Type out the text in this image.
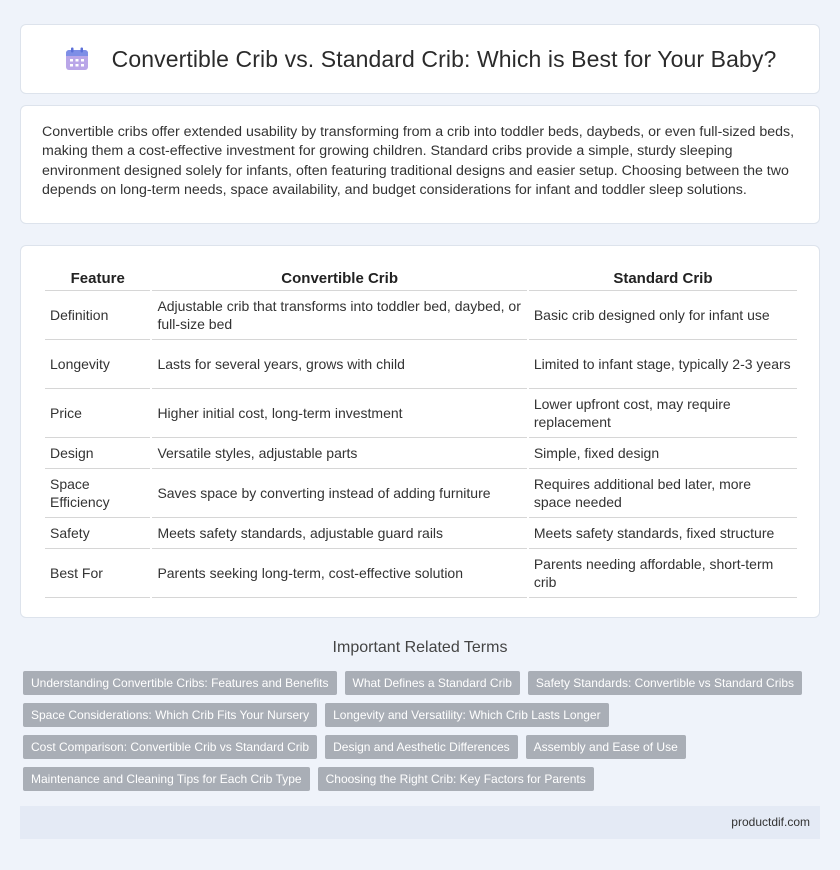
Convertible Crib vs. Standard Crib: Which is Best for Your Baby?

Convertible cribs offer extended usability by transforming from a crib into toddler beds, daybeds, or even full-sized beds, making them a cost-effective investment for growing children. Standard cribs provide a simple, sturdy sleeping environment designed solely for infants, often featuring traditional designs and easier setup. Choosing between the two depends on long-term needs, space availability, and budget considerations for infant and toddler sleep solutions.

Feature	Convertible Crib	Standard Crib
Definition	Adjustable crib that transforms into toddler bed, daybed, or full-size bed	Basic crib designed only for infant use
Longevity	Lasts for several years, grows with child	Limited to infant stage, typically 2-3 years
Price	Higher initial cost, long-term investment	Lower upfront cost, may require replacement
Design	Versatile styles, adjustable parts	Simple, fixed design
Space Efficiency	Saves space by converting instead of adding furniture	Requires additional bed later, more space needed
Safety	Meets safety standards, adjustable guard rails	Meets safety standards, fixed structure
Best For	Parents seeking long-term, cost-effective solution	Parents needing affordable, short-term crib
Important Related Terms
Understanding Convertible Cribs: Features and Benefits	What Defines a Standard Crib	Safety Standards: Convertible vs Standard Cribs
Space Considerations: Which Crib Fits Your Nursery	Longevity and Versatility: Which Crib Lasts Longer
Cost Comparison: Convertible Crib vs Standard Crib	Design and Aesthetic Differences	Assembly and Ease of Use
Maintenance and Cleaning Tips for Each Crib Type	Choosing the Right Crib: Key Factors for Parents
productdif.com
